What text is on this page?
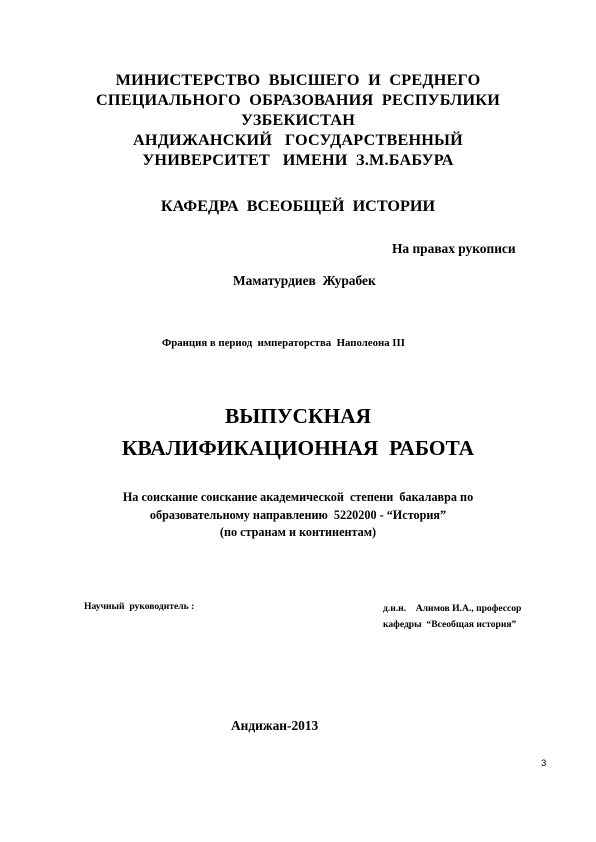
МИНИСТЕРСТВО  ВЫСШЕГО  И  СРЕДНЕГО
СПЕЦИАЛЬНОГО  ОБРАЗОВАНИЯ  РЕСПУБЛИКИ
УЗБЕКИСТАН
АНДИЖАНСКИЙ   ГОСУДАРСТВЕННЫЙ
УНИВЕРСИТЕТ   ИМЕНИ  З.М.БАБУРА
КАФЕДРА  ВСЕОБЩЕЙ  ИСТОРИИ
На правах рукописи
Маматурдиев  Журабек
Франция в период  императорства  Наполеона III
ВЫПУСКНАЯ
КВАЛИФИКАЦИОННАЯ  РАБОТА
На соискание соискание академической  степени  бакалавра по
образовательному направлению  5220200 - “История”
(по странам и континентам)
Научный  руководитель :	д.и.н.    Алимов И.А., профессор
кафедры  “Всеобщая история”
Андижан-2013
3
